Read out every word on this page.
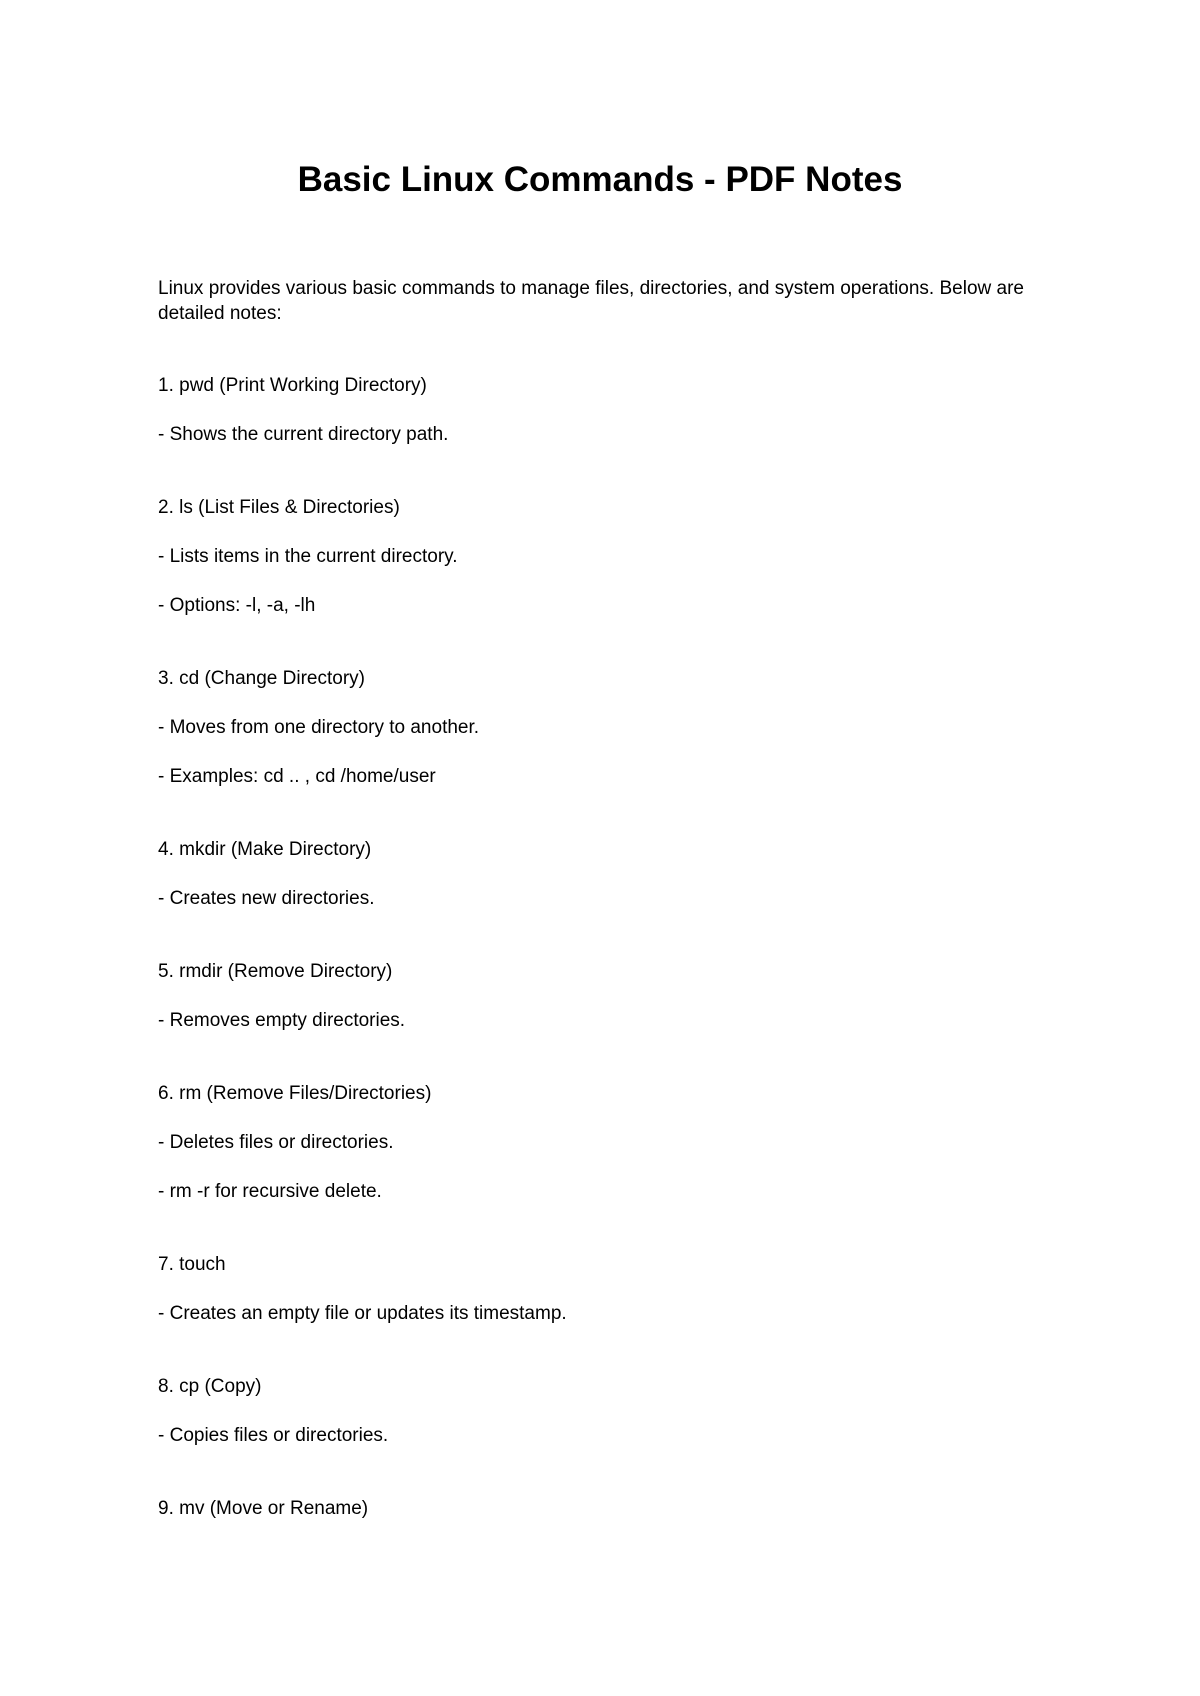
Basic Linux Commands - PDF Notes

Linux provides various basic commands to manage files, directories, and system operations. Below are detailed notes:

1. pwd (Print Working Directory)

- Shows the current directory path.

2. ls (List Files & Directories)

- Lists items in the current directory.

- Options: -l, -a, -lh

3. cd (Change Directory)

- Moves from one directory to another.

- Examples: cd .. , cd /home/user

4. mkdir (Make Directory)

- Creates new directories.

5. rmdir (Remove Directory)

- Removes empty directories.

6. rm (Remove Files/Directories)

- Deletes files or directories.

- rm -r for recursive delete.

7. touch

- Creates an empty file or updates its timestamp.

8. cp (Copy)

- Copies files or directories.

9. mv (Move or Rename)
